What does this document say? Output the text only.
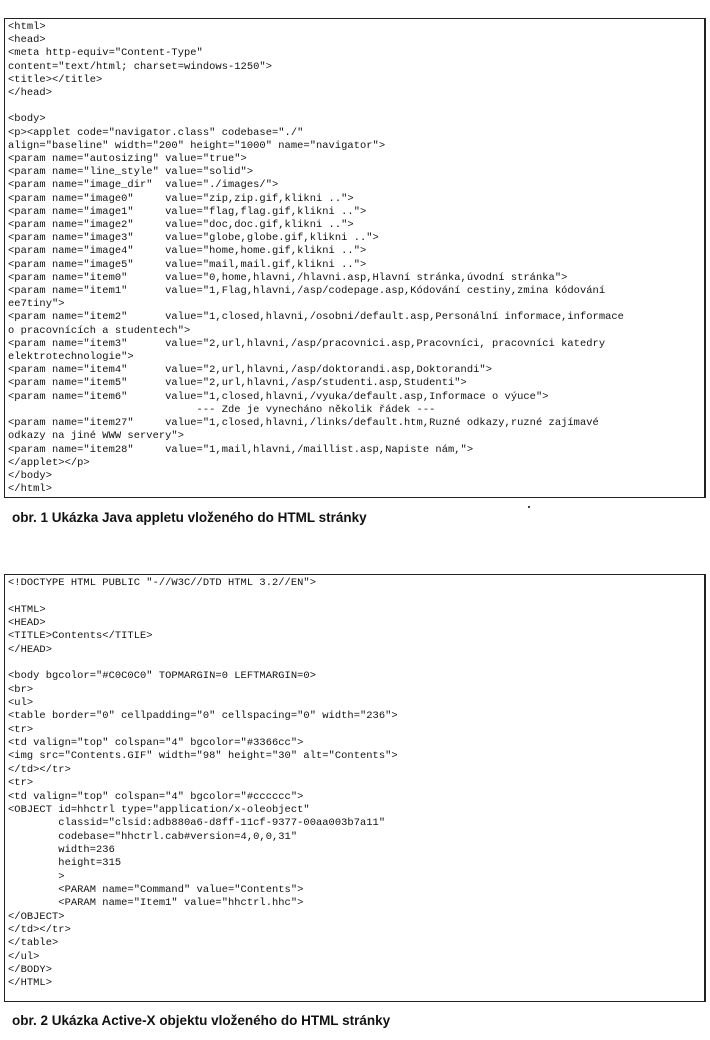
<html>
<head>
<meta http-equiv="Content-Type"
content="text/html; charset=windows-1250">
<title></title>
</head>

<body>
<p><applet code="navigator.class" codebase="./"
align="baseline" width="200" height="1000" name="navigator">
<param name="autosizing" value="true">
<param name="line_style" value="solid">
<param name="image_dir"  value="./images/">
<param name="image0"     value="zip,zip.gif,klikni ..">
<param name="image1"     value="flag,flag.gif,klikni ..">
<param name="image2"     value="doc,doc.gif,klikni ..">
<param name="image3"     value="globe,globe.gif,klikni ..">
<param name="image4"     value="home,home.gif,klikni ..">
<param name="image5"     value="mail,mail.gif,klikni ..">
<param name="item0"      value="0,home,hlavni,/hlavni.asp,Hlavní stránka,úvodní stránka">
<param name="item1"      value="1,Flag,hlavni,/asp/codepage.asp,Kódování cestiny,zmina kódování
ee7tiny">
<param name="item2"      value="1,closed,hlavni,/osobni/default.asp,Personální informace,informace
o pracovnících a studentech">
<param name="item3"      value="2,url,hlavni,/asp/pracovnici.asp,Pracovníci, pracovníci katedry
elektrotechnologie">
<param name="item4"      value="2,url,hlavni,/asp/doktorandi.asp,Doktorandi">
<param name="item5"      value="2,url,hlavni,/asp/studenti.asp,Studenti">
<param name="item6"      value="1,closed,hlavni,/vyuka/default.asp,Informace o výuce">
--- Zde je vynecháno několik řádek ---
<param name="item27"     value="1,closed,hlavni,/links/default.htm,Ruzné odkazy,ruzné zajímavé
odkazy na jiné WWW servery">
<param name="item28"     value="1,mail,hlavni,/maillist.asp,Napiste nám,">
</applet></p>
</body>
</html>
obr. 1 Ukázka Java appletu vloženého do HTML stránky
<!DOCTYPE HTML PUBLIC "-//W3C//DTD HTML 3.2//EN">

<HTML>
<HEAD>
<TITLE>Contents</TITLE>
</HEAD>

<body bgcolor="#C0C0C0" TOPMARGIN=0 LEFTMARGIN=0>
<br>
<ul>
<table border="0" cellpadding="0" cellspacing="0" width="236">
<tr>
<td valign="top" colspan="4" bgcolor="#3366cc">
<img src="Contents.GIF" width="98" height="30" alt="Contents">
</td></tr>
<tr>
<td valign="top" colspan="4" bgcolor="#cccccc">
<OBJECT id=hhctrl type="application/x-oleobject"
classid="clsid:adb880a6-d8ff-11cf-9377-00aa003b7a11"
codebase="hhctrl.cab#version=4,0,0,31"
width=236
height=315
>
<PARAM name="Command" value="Contents">
<PARAM name="Item1" value="hhctrl.hhc">
</OBJECT>
</td></tr>
</table>
</ul>
</BODY>
</HTML>
obr. 2 Ukázka Active-X objektu vloženého do HTML stránky
